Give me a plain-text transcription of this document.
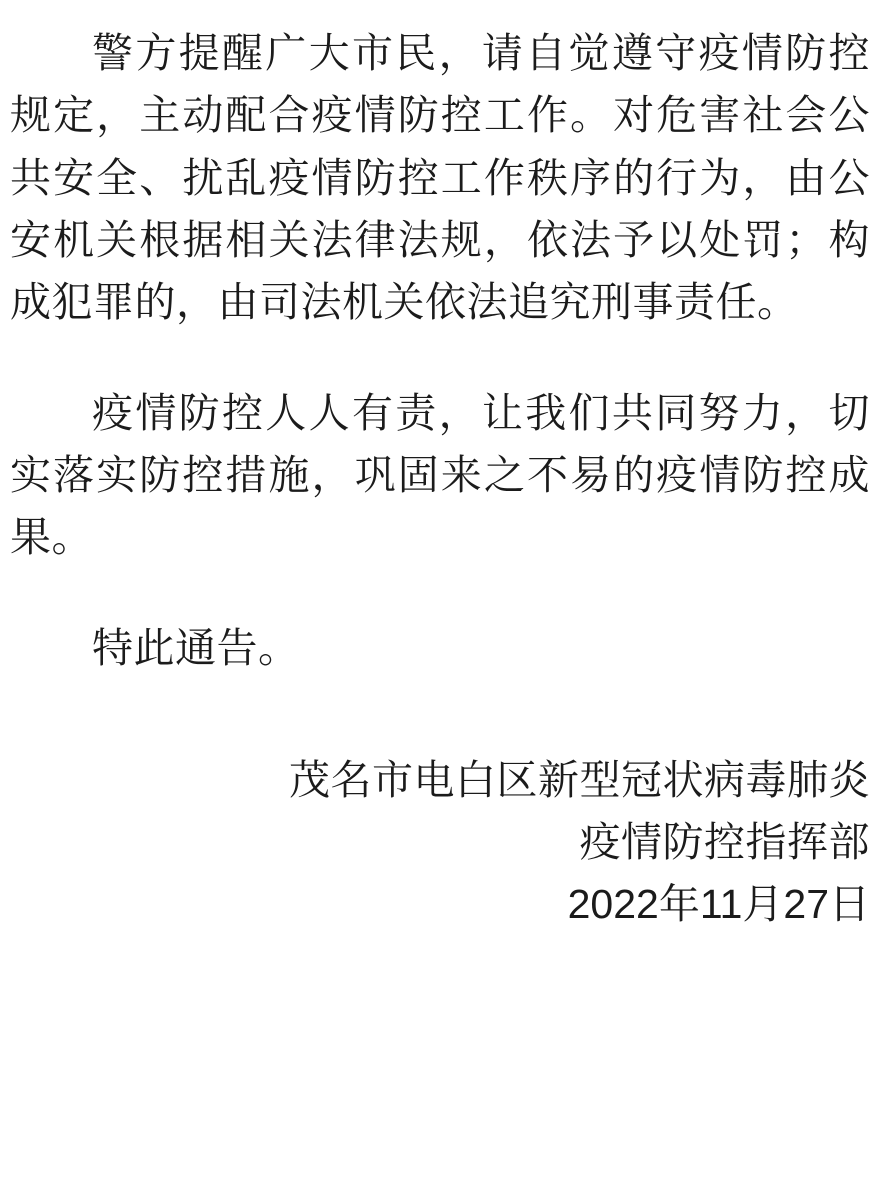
警方提醒广大市民，请自觉遵守疫情防控规定，主动配合疫情防控工作。对危害社会公共安全、扰乱疫情防控工作秩序的行为，由公安机关根据相关法律法规，依法予以处罚；构成犯罪的，由司法机关依法追究刑事责任。

疫情防控人人有责，让我们共同努力，切实落实防控措施，巩固来之不易的疫情防控成果。

特此通告。

茂名市电白区新型冠状病毒肺炎
疫情防控指挥部
2022年11月27日
